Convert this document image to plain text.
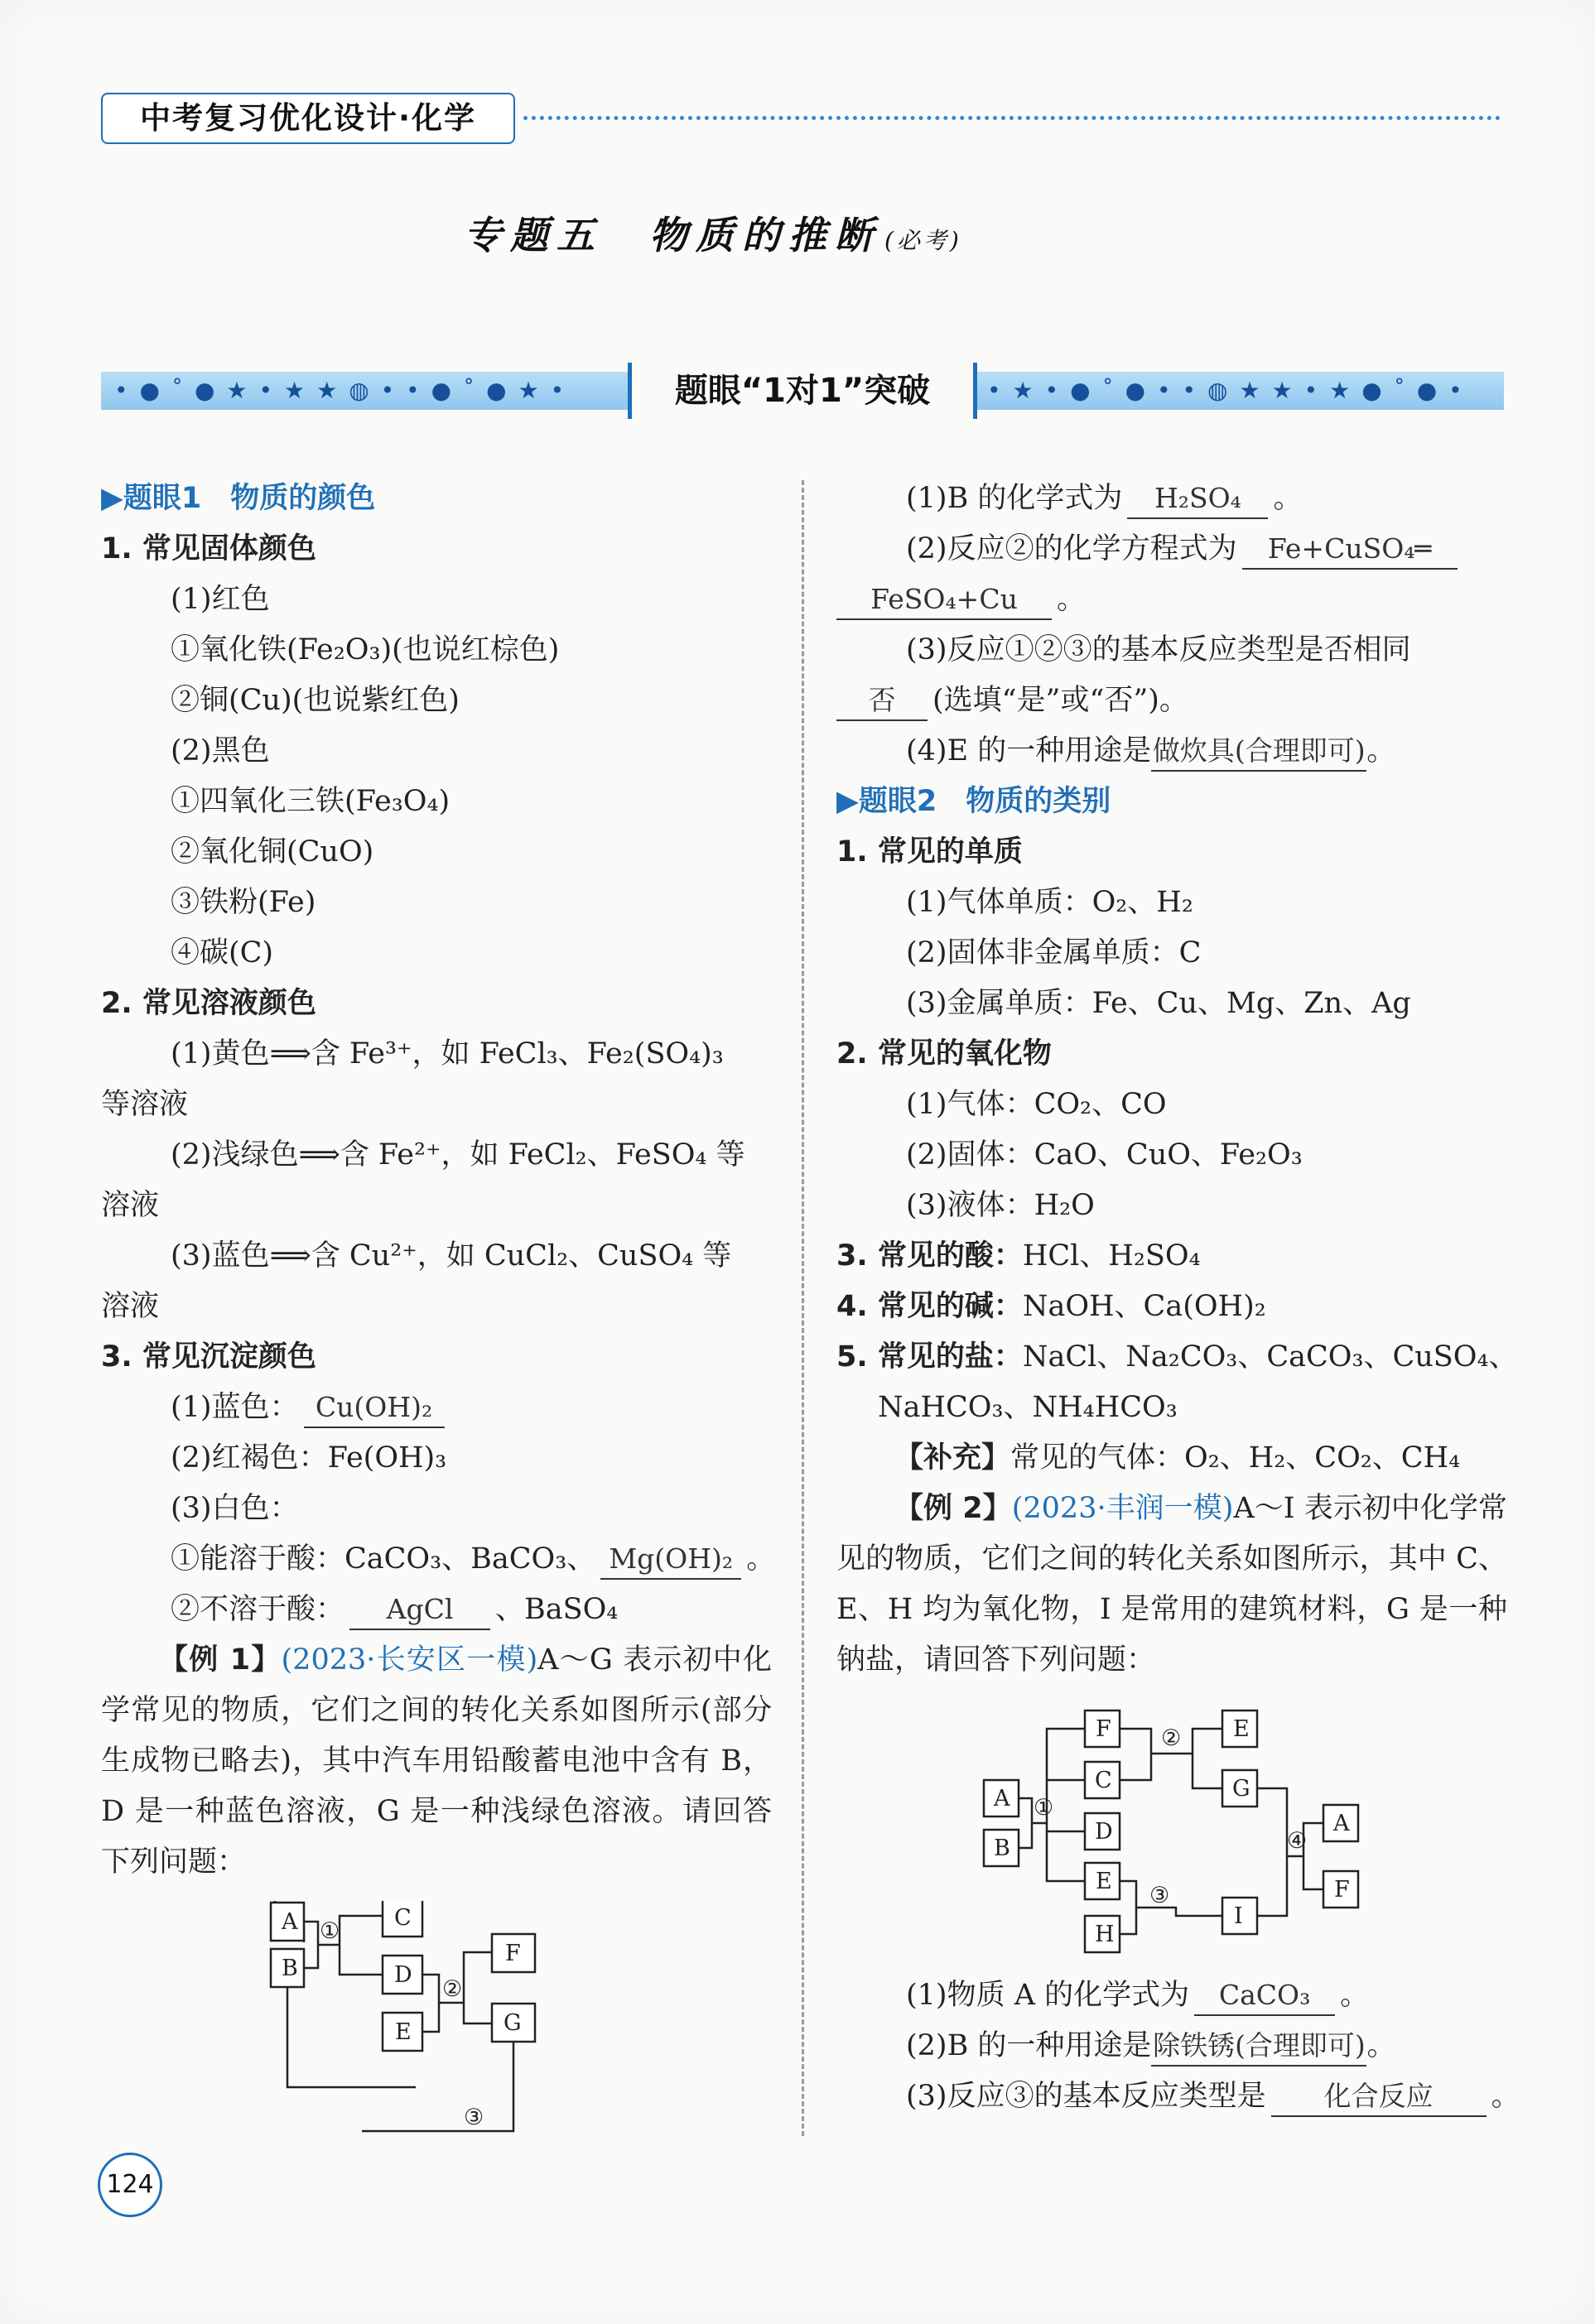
中考复习优化设计·化学
专题五　物质的推断 (必考)
•●˚●★•★★◍••●˚●★•	•★•●˚●••◍★★•★●˚●•
题眼“1对1”突破
▶题眼1　物质的颜色
1. 常见固体颜色
(1)红色
①氧化铁(Fe₂O₃)(也说红棕色)
②铜(Cu)(也说紫红色)
(2)黑色
①四氧化三铁(Fe₃O₄)
②氧化铜(CuO)
③铁粉(Fe)
④碳(C)
2. 常见溶液颜色
(1)黄色⟹含 Fe³⁺，如 FeCl₃、Fe₂(SO₄)₃
等溶液
(2)浅绿色⟹含 Fe²⁺，如 FeCl₂、FeSO₄ 等
溶液
(3)蓝色⟹含 Cu²⁺，如 CuCl₂、CuSO₄ 等
溶液
3. 常见沉淀颜色
(1)蓝色： Cu(OH)₂
(2)红褐色：Fe(OH)₃
(3)白色：
①能溶于酸：CaCO₃、BaCO₃、 Mg(OH)₂ 。
②不溶于酸： AgCl 、BaSO₄
【例 1】(2023·长安区一模)A～G 表示初中化学常见的物质，它们之间的转化关系如图所示(部分生成物已略去)，其中汽车用铅酸蓄电池中含有 B，D 是一种蓝色溶液，G 是一种浅绿色溶液。请回答下列问题：
A
B
①
C
D
E
②
F
G
③
(1)B 的化学式为 H₂SO₄ 。
(2)反应②的化学方程式为 Fe+CuSO₄═
FeSO₄+Cu 。
(3)反应①②③的基本反应类型是否相同
否 (选填“是”或“否”)。
(4)E 的一种用途是做炊具(合理即可)。
▶题眼2　物质的类别
1. 常见的单质
(1)气体单质：O₂、H₂
(2)固体非金属单质：C
(3)金属单质：Fe、Cu、Mg、Zn、Ag
2. 常见的氧化物
(1)气体：CO₂、CO
(2)固体：CaO、CuO、Fe₂O₃
(3)液体：H₂O
3. 常见的酸：HCl、H₂SO₄
4. 常见的碱：NaOH、Ca(OH)₂
5. 常见的盐：NaCl、Na₂CO₃、CaCO₃、CuSO₄、
NaHCO₃、NH₄HCO₃
【补充】常见的气体：O₂、H₂、CO₂、CH₄
【例 2】(2023·丰润一模)A～I 表示初中化学常见的物质，它们之间的转化关系如图所示，其中 C、E、H 均为氧化物，I 是常用的建筑材料，G 是一种钠盐，请回答下列问题：
F	E
C	G
A
D	A
B
E	F
H
I
①
②
④
③
(1)物质 A 的化学式为 CaCO₃ 。
(2)B 的一种用途是除铁锈(合理即可)。
(3)反应③的基本反应类型是 化合反应 。
124
